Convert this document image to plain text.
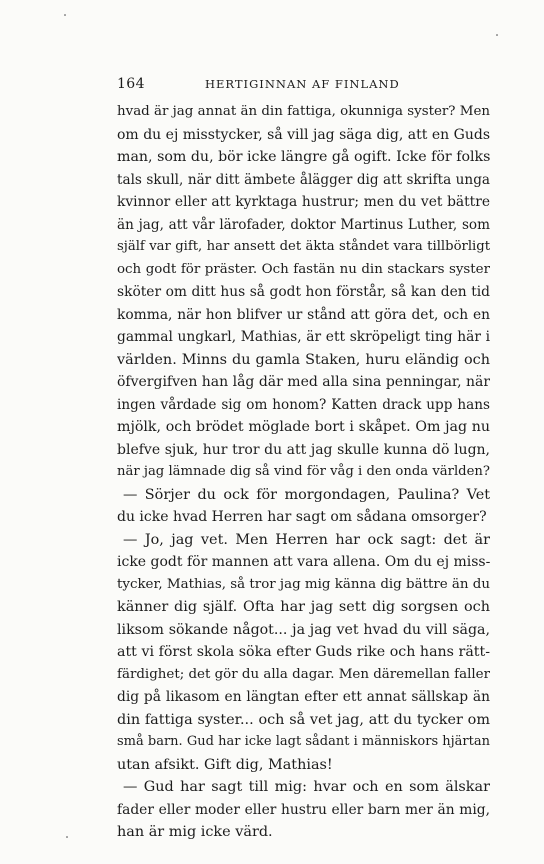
164	HERTIGINNAN AF FINLAND
hvad är jag annat än din fattiga, okunniga syster? Men
om du ej misstycker, så vill jag säga dig, att en Guds
man, som du, bör icke längre gå ogift. Icke för folks
tals skull, när ditt ämbete ålägger dig att skrifta unga
kvinnor eller att kyrktaga hustrur; men du vet bättre
än jag, att vår lärofader, doktor Martinus Luther, som
själf var gift, har ansett det äkta ståndet vara tillbörligt
och godt för präster. Och fastän nu din stackars syster
sköter om ditt hus så godt hon förstår, så kan den tid
komma, när hon blifver ur stånd att göra det, och en
gammal ungkarl, Mathias, är ett skröpeligt ting här i
världen. Minns du gamla Staken, huru eländig och
öfvergifven han låg där med alla sina penningar, när
ingen vårdade sig om honom? Katten drack upp hans
mjölk, och brödet möglade bort i skåpet. Om jag nu
blefve sjuk, hur tror du att jag skulle kunna dö lugn,
när jag lämnade dig så vind för våg i den onda världen?
— Sörjer du ock för morgondagen, Paulina? Vet
du icke hvad Herren har sagt om sådana omsorger?
— Jo, jag vet. Men Herren har ock sagt: det är
icke godt för mannen att vara allena. Om du ej miss-
tycker, Mathias, så tror jag mig känna dig bättre än du
känner dig själf. Ofta har jag sett dig sorgsen och
liksom sökande något... ja jag vet hvad du vill säga,
att vi först skola söka efter Guds rike och hans rätt-
färdighet; det gör du alla dagar. Men däremellan faller
dig på likasom en längtan efter ett annat sällskap än
din fattiga syster... och så vet jag, att du tycker om
små barn. Gud har icke lagt sådant i människors hjärtan
utan afsikt. Gift dig, Mathias!
— Gud har sagt till mig: hvar och en som älskar
fader eller moder eller hustru eller barn mer än mig,
han är mig icke värd.
